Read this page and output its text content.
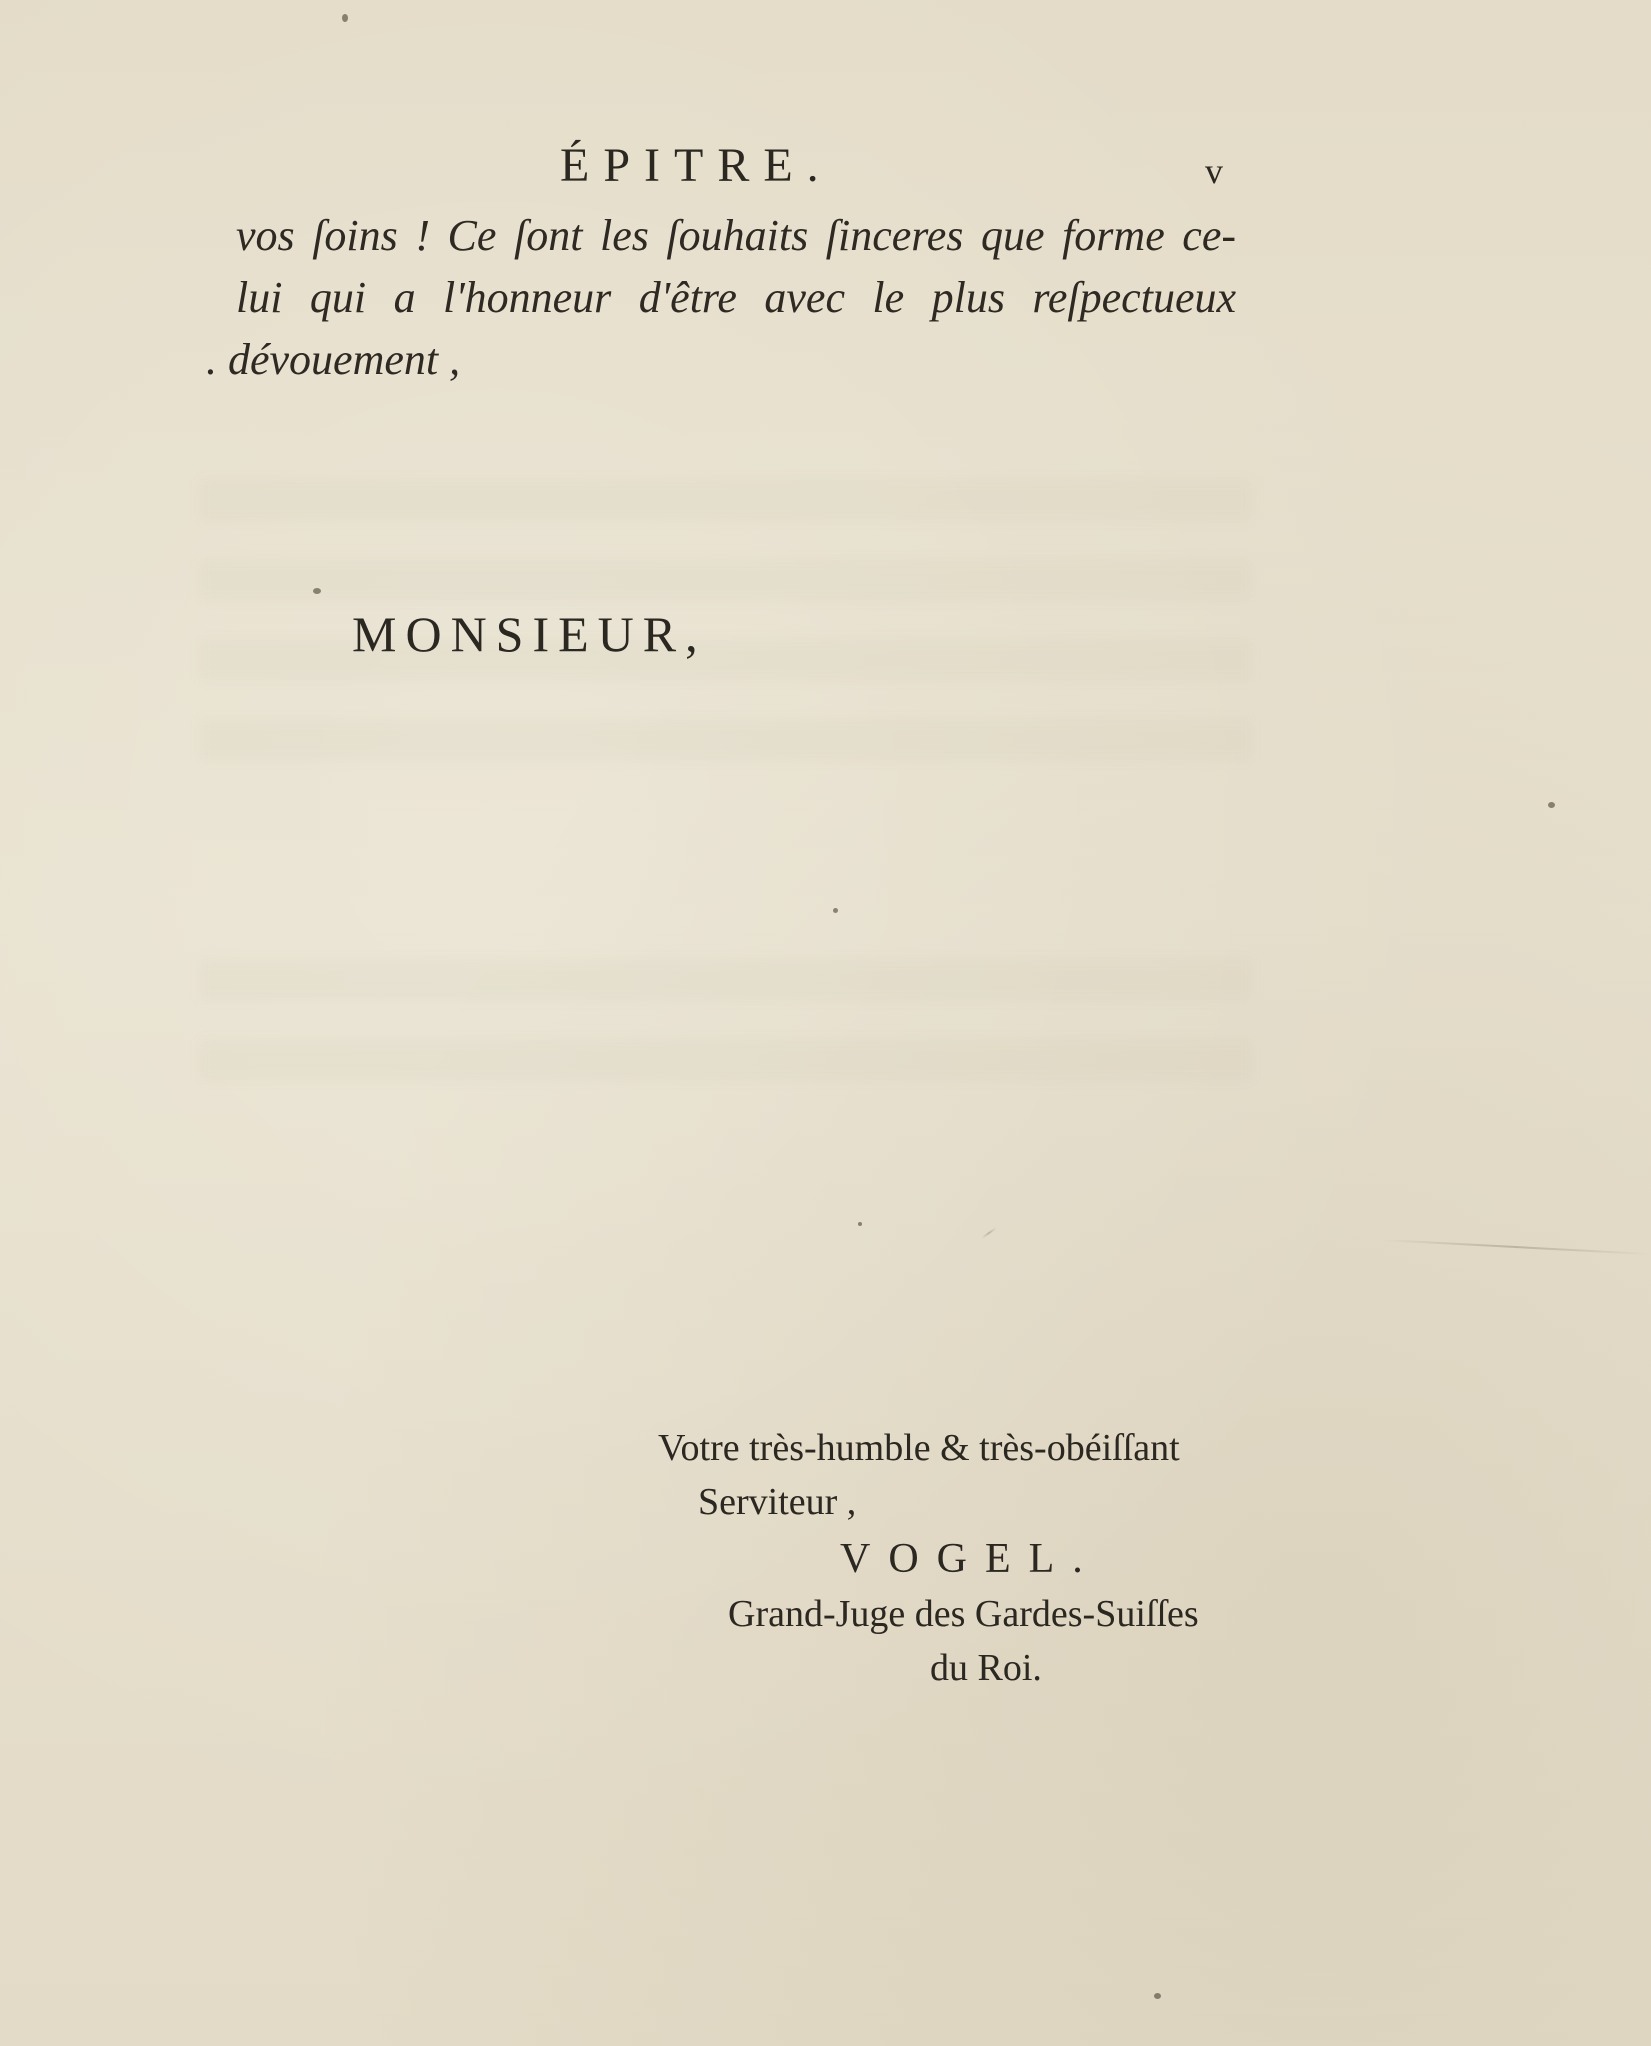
ÉPITRE.	v
vos ſoins ! Ce ſont les ſouhaits ſinceres que forme ce-
lui qui a l'honneur d'être avec le plus reſpectueux
. dévouement ,
MONSIEUR,
Votre très-humble & très-obéiſſant
Serviteur ,
VOGEL.
Grand-Juge des Gardes-Suiſſes
du Roi.
